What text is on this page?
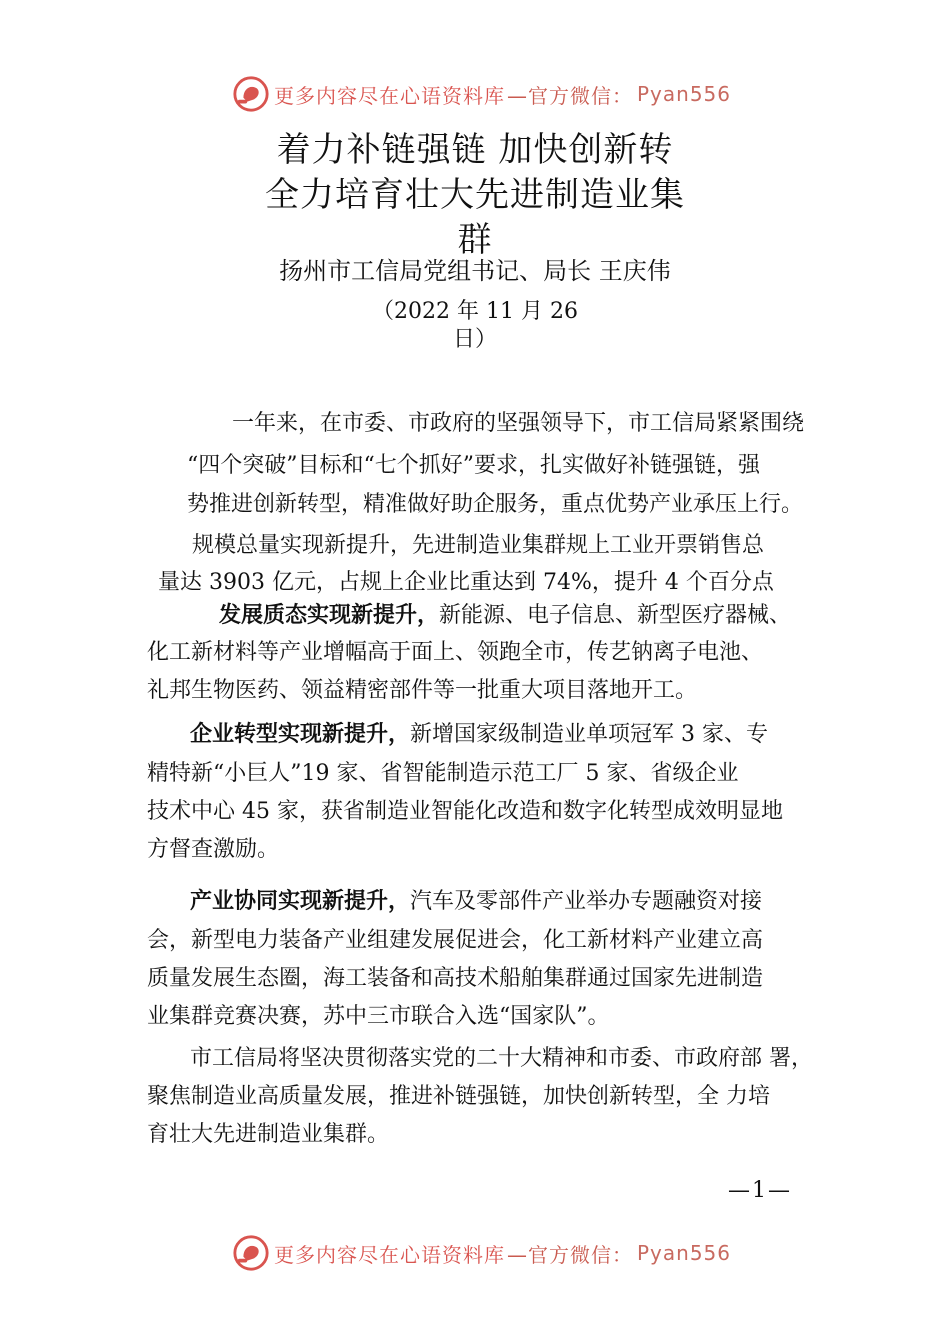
更多内容尽在心语资料库 —官方微信： Pyan556
着力补链强链 加快创新转
全力培育壮大先进制造业集
群
扬州市工信局党组书记、局长 王庆伟
（2022 年 11 月 26
日）
一年来，在市委、市政府的坚强领导下，市工信局紧紧围绕
“四个突破”目标和“七个抓好”要求，扎实做好补链强链，强
势推进创新转型，精准做好助企服务，重点优势产业承压上行。
规模总量实现新提升，先进制造业集群规上工业开票销售总
量达 3903 亿元，占规上企业比重达到 74%，提升 4 个百分点
发展质态实现新提升，新能源、电子信息、新型医疗器械、
化工新材料等产业增幅高于面上、领跑全市，传艺钠离子电池、
礼邦生物医药、领益精密部件等一批重大项目落地开工。
企业转型实现新提升，新增国家级制造业单项冠军 3 家、专
精特新“小巨人”19 家、省智能制造示范工厂 5 家、省级企业
技术中心 45 家，获省制造业智能化改造和数字化转型成效明显地
方督查激励。
产业协同实现新提升，汽车及零部件产业举办专题融资对接
会，新型电力装备产业组建发展促进会，化工新材料产业建立高
质量发展生态圈，海工装备和高技术船舶集群通过国家先进制造
业集群竞赛决赛，苏中三市联合入选“国家队”。
市工信局将坚决贯彻落实党的二十大精神和市委、市政府部 署，
聚焦制造业高质量发展，推进补链强链，加快创新转型，全 力培
育壮大先进制造业集群。
—1—
更多内容尽在心语资料库 —官方微信： Pyan556
